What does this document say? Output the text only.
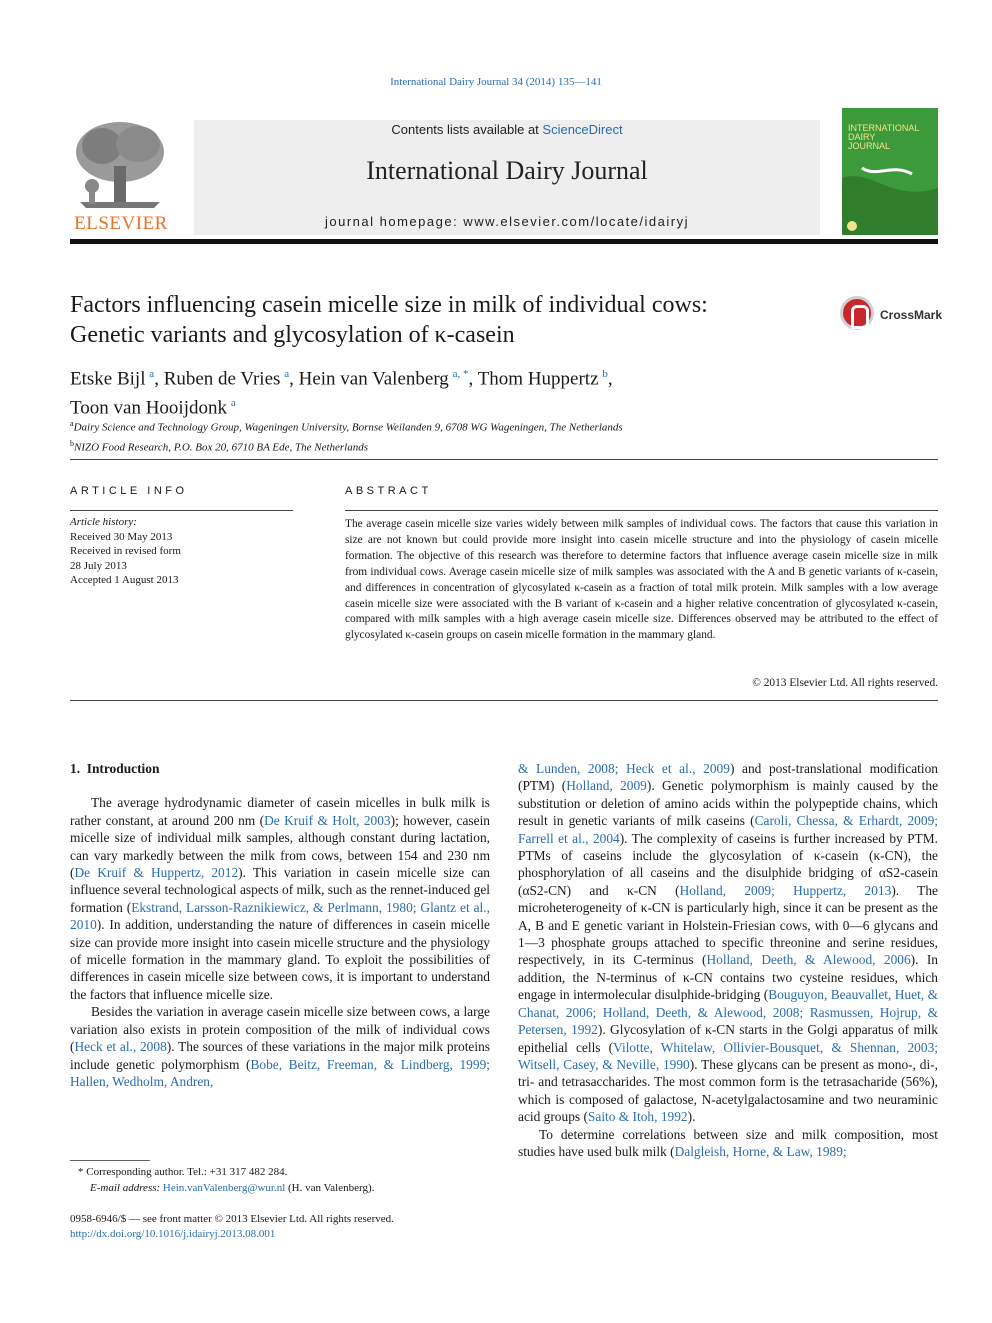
International Dairy Journal 34 (2014) 135—141
ELSEVIER
Contents lists available at ScienceDirect
International Dairy Journal
journal homepage: www.elsevier.com/locate/idairyj
INTERNATIONAL DAIRY JOURNAL
Factors influencing casein micelle size in milk of individual cows:
Genetic variants and glycosylation of κ-casein
CrossMark
Etske Bijl  $^a$, Ruben de Vries  $^a$, Hein van Valenberg  $^{a, *}$, Thom Huppertz  $^b$,
Toon van Hooijdonk  $^a$
$^a$Dairy Science and Technology Group, Wageningen University, Bornse Weilanden 9, 6708 WG Wageningen, The Netherlands
$^b$NIZO Food Research, P.O. Box 20, 6710 BA Ede, The Netherlands
ARTICLE INFO
Article history:
Received 30 May 2013
Received in revised form
28 July 2013
Accepted 1 August 2013
ABSTRACT
The average casein micelle size varies widely between milk samples of individual cows. The factors that cause this variation in size are not known but could provide more insight into casein micelle structure and into the physiology of casein micelle formation. The objective of this research was therefore to determine factors that influence average casein micelle size in milk from individual cows. Average casein micelle size of milk samples was associated with the A and B genetic variants of κ-casein, and differences in concentration of glycosylated κ-casein as a fraction of total milk protein. Milk samples with a low average casein micelle size were associated with the B variant of κ-casein and a higher relative concentration of glycosylated κ-casein, compared with milk samples with a high average casein micelle size. Differences observed may be attributed to the effect of glycosylated κ-casein groups on casein micelle formation in the mammary gland.
© 2013 Elsevier Ltd. All rights reserved.

1. Introduction

The average hydrodynamic diameter of casein micelles in bulk milk is rather constant, at around 200 nm (De Kruif & Holt, 2003); however, casein micelle size of individual milk samples, although constant during lactation, can vary markedly between the milk from cows, between 154 and 230 nm (De Kruif & Huppertz, 2012). This variation in casein micelle size can influence several technological aspects of milk, such as the rennet-induced gel formation (Ekstrand, Larsson-Raznikiewicz, & Perlmann, 1980; Glantz et al., 2010). In addition, understanding the nature of differences in casein micelle size can provide more insight into casein micelle structure and the physiology of micelle formation in the mammary gland. To exploit the possibilities of differences in casein micelle size between cows, it is important to understand the factors that influence micelle size.

Besides the variation in average casein micelle size between cows, a large variation also exists in protein composition of the milk of individual cows (Heck et al., 2008). The sources of these variations in the major milk proteins include genetic polymorphism (Bobe, Beitz, Freeman, & Lindberg, 1999; Hallen, Wedholm, Andren,

& Lunden, 2008; Heck et al., 2009) and post-translational modification (PTM) (Holland, 2009). Genetic polymorphism is mainly caused by the substitution or deletion of amino acids within the polypeptide chains, which result in genetic variants of milk caseins (Caroli, Chessa, & Erhardt, 2009; Farrell et al., 2004). The complexity of caseins is further increased by PTM. PTMs of caseins include the glycosylation of κ-casein (κ-CN), the phosphorylation of all caseins and the disulphide bridging of αS2-casein (αS2-CN) and κ-CN (Holland, 2009; Huppertz, 2013). The microheterogeneity of κ-CN is particularly high, since it can be present as the A, B and E genetic variant in Holstein-Friesian cows, with 0—6 glycans and 1—3 phosphate groups attached to specific threonine and serine residues, respectively, in its C-terminus (Holland, Deeth, & Alewood, 2006). In addition, the N-terminus of κ-CN contains two cysteine residues, which engage in intermolecular disulphide-bridging (Bouguyon, Beauvallet, Huet, & Chanat, 2006; Holland, Deeth, & Alewood, 2008; Rasmussen, Hojrup, & Petersen, 1992). Glycosylation of κ-CN starts in the Golgi apparatus of milk epithelial cells (Vilotte, Whitelaw, Ollivier-Bousquet, & Shennan, 2003; Witsell, Casey, & Neville, 1990). These glycans can be present as mono-, di-, tri- and tetrasaccharides. The most common form is the tetrasacharide (56%), which is composed of galactose, N-acetylgalactosamine and two neuraminic acid groups (Saito & Itoh, 1992).

To determine correlations between size and milk composition, most studies have used bulk milk (Dalgleish, Horne, & Law, 1989;

* Corresponding author. Tel.: +31 317 482 284.
E-mail address: Hein.vanValenberg@wur.nl (H. van Valenberg).
0958-6946/$ — see front matter © 2013 Elsevier Ltd. All rights reserved.
http://dx.doi.org/10.1016/j.idairyj.2013.08.001
